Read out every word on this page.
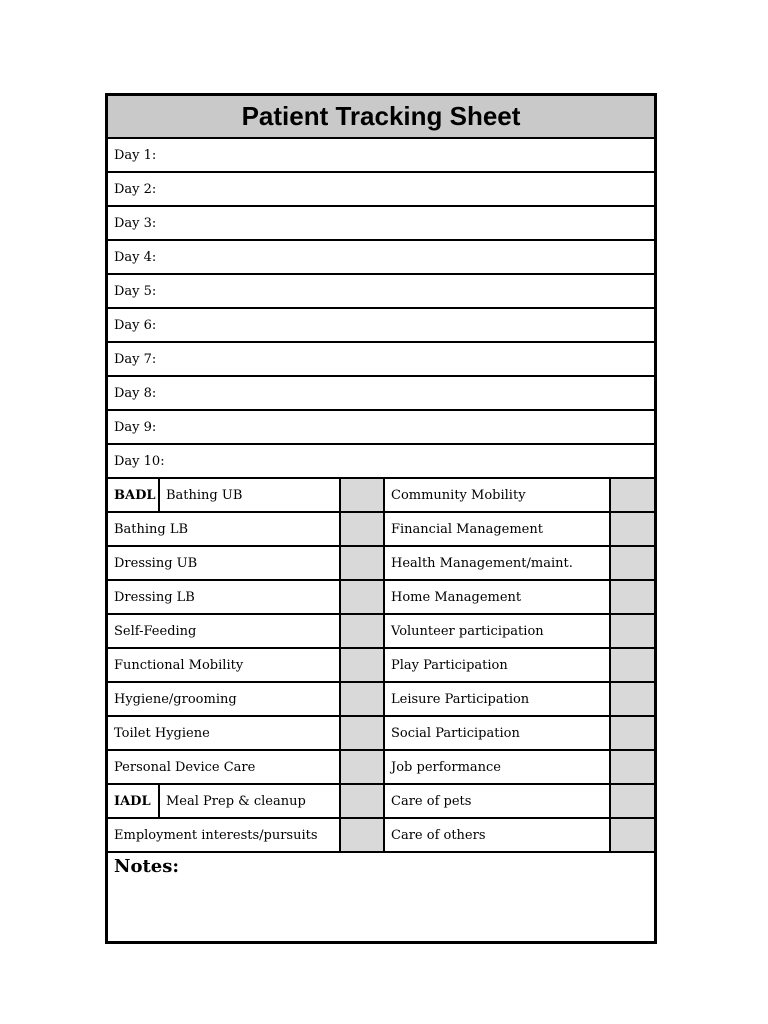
Patient Tracking Sheet
Day 1:
Day 2:
Day 3:
Day 4:
Day 5:
Day 6:
Day 7:
Day 8:
Day 9:
Day 10:
BADL Bathing UB	Community Mobility
Bathing LB	Financial Management
Dressing UB	Health Management/maint.
Dressing LB	Home Management
Self-Feeding	Volunteer participation
Functional Mobility	Play Participation
Hygiene/grooming	Leisure Participation
Toilet Hygiene	Social Participation
Personal Device Care	Job performance
IADL	Meal Prep & cleanup	Care of pets
Employment interests/pursuits	Care of others
Notes:
